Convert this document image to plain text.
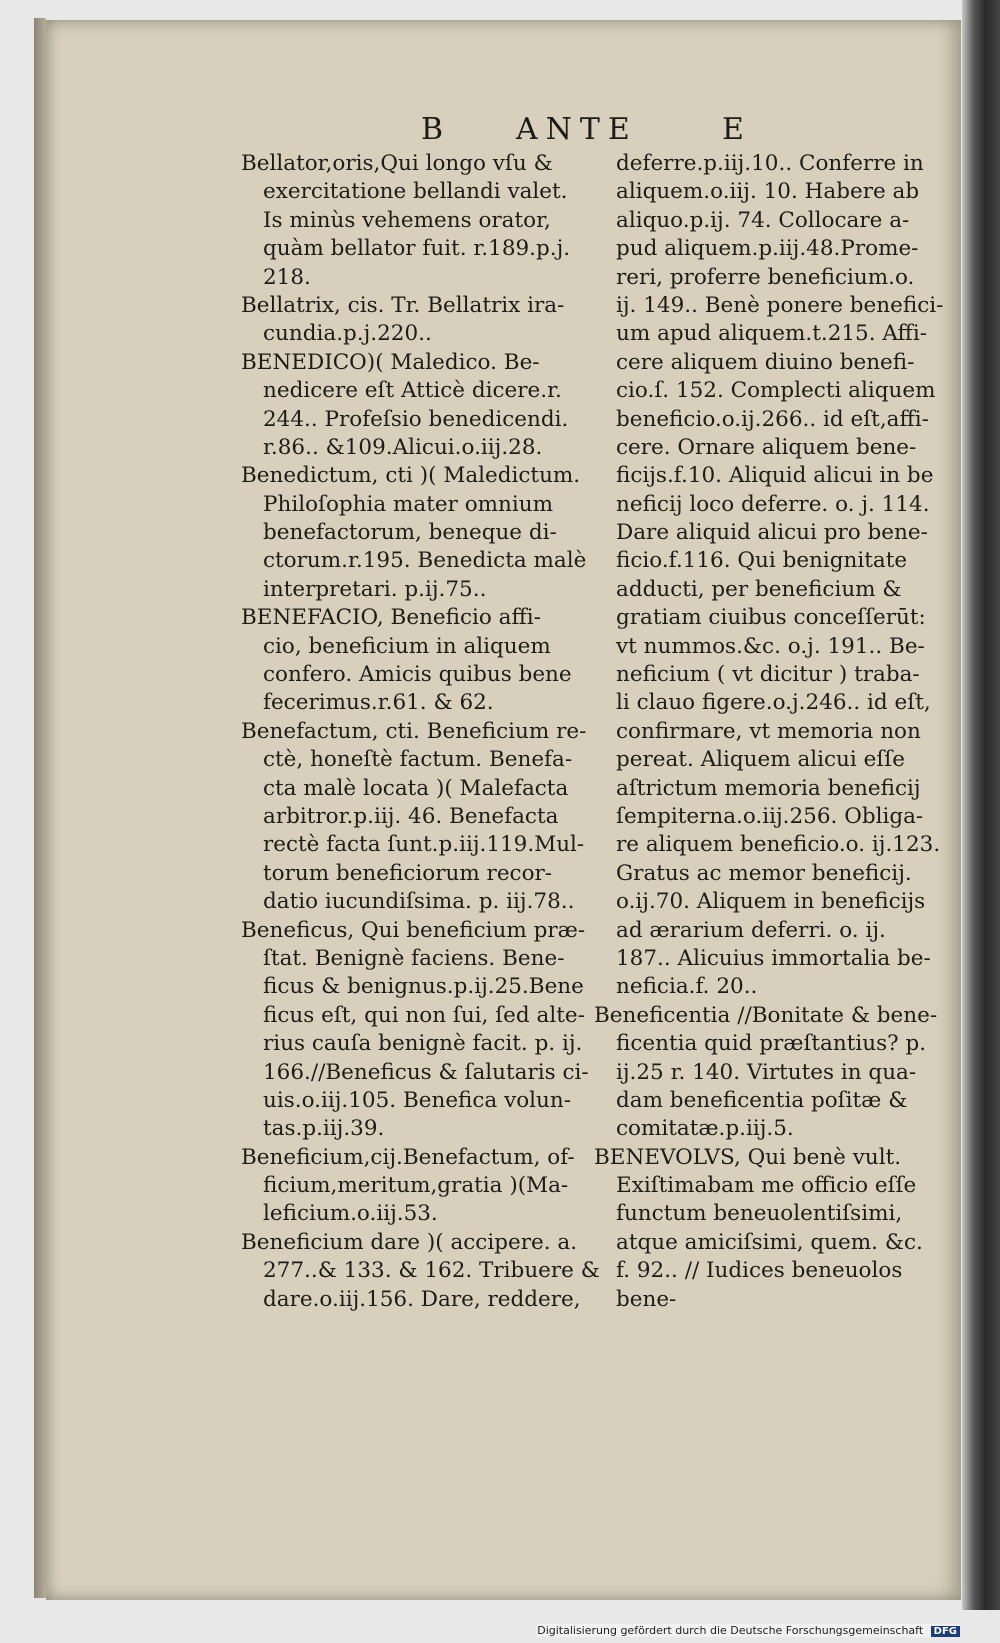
B ANTE	E
Bellator,oris,Qui longo vſu &
exercitatione bellandi valet.
Is minùs vehemens orator,
quàm bellator fuit. r.189.p.j.
218.
Bellatrix, cis. Tr. Bellatrix ira-
cundia.p.j.220..
BENEDICO)( Maledico. Be-
nedicere eſt Atticè dicere.r.
244.. Profeſsio benedicendi.
r.86.. &109.Alicui.o.iij.28.
Benedictum, cti )( Maledictum.
Philoſophia mater omnium
benefactorum, beneque di-
ctorum.r.195. Benedicta malè
interpretari. p.ij.75..
BENEFACIO, Beneficio affi-
cio, beneficium in aliquem
confero. Amicis quibus bene
fecerimus.r.61. & 62.
Benefactum, cti. Beneficium re-
ctè, honeſtè factum. Benefa-
cta malè locata )( Malefacta
arbitror.p.iij. 46. Benefacta
rectè facta ſunt.p.iij.119.Mul-
torum beneficiorum recor-
datio iucundiſsima. p. iij.78..
Beneficus, Qui beneficium præ-
ſtat. Benignè faciens. Bene-
ficus & benignus.p.ij.25.Bene
ficus eſt, qui non ſui, ſed alte-
rius cauſa benignè facit. p. ij.
166.//Beneficus & ſalutaris ci-
uis.o.iij.105. Benefica volun-
tas.p.iij.39.
Beneficium,cij.Benefactum, of-
ficium,meritum,gratia )(Ma-
leficium.o.iij.53.
Beneficium dare )( accipere. a.
277..& 133. & 162. Tribuere &
dare.o.iij.156. Dare, reddere,
deferre.p.iij.10.. Conferre in
aliquem.o.iij. 10. Habere ab
aliquo.p.ij. 74. Collocare a-
pud aliquem.p.iij.48.Prome-
reri, proferre beneficium.o.
ij. 149.. Benè ponere benefici-
um apud aliquem.t.215. Affi-
cere aliquem diuino benefi-
cio.ſ. 152. Complecti aliquem
beneficio.o.ij.266.. id eſt,affi-
cere. Ornare aliquem bene-
ficijs.f.10. Aliquid alicui in be
neficij loco deferre. o. j. 114.
Dare aliquid alicui pro bene-
ficio.f.116. Qui benignitate
adducti, per beneficium &
gratiam ciuibus conceſſerūt:
vt nummos.&c. o.j. 191.. Be-
neficium ( vt dicitur ) traba-
li clauo figere.o.j.246.. id eſt,
confirmare, vt memoria non
pereat. Aliquem alicui eſſe
aſtrictum memoria beneficij
ſempiterna.o.iij.256. Obliga-
re aliquem beneficio.o. ij.123.
Gratus ac memor beneficij.
o.ij.70. Aliquem in beneficijs
ad ærarium deferri. o. ij.
187.. Alicuius immortalia be-
neficia.f. 20..
Beneficentia //Bonitate & bene-
ficentia quid præſtantius? p.
ij.25 r. 140. Virtutes in qua-
dam beneficentia poſitæ &
comitatæ.p.iij.5.
BENEVOLVS, Qui benè vult.
Exiſtimabam me officio eſſe
functum beneuolentiſsimi,
atque amiciſsimi, quem. &c.
f. 92.. // Iudices beneuolos
bene-
Digitalisierung gefördert durch die Deutsche Forschungsgemeinschaft DFG
